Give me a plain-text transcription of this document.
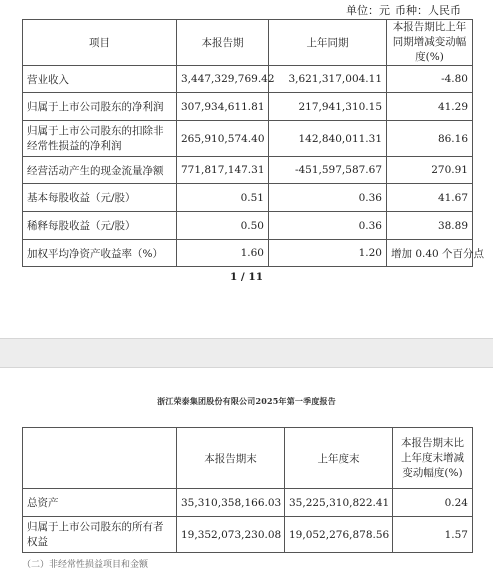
单位：元 币种：人民币
项目	本报告期	上年同期	本报告期比上年同期增减变动幅度(%)
营业收入	3,447,329,769.42	3,621,317,004.11	-4.80
归属于上市公司股东的净利润	307,934,611.81	217,941,310.15	41.29
归属于上市公司股东的扣除非经常性损益的净利润	265,910,574.40	142,840,011.31	86.16
经营活动产生的现金流量净额	771,817,147.31	-451,597,587.67	270.91
基本每股收益（元/股）	0.51	0.36	41.67
稀释每股收益（元/股）	0.50	0.36	38.89
加权平均净资产收益率（%）	1.60	1.20	增加 0.40 个百分点
1 / 11
浙江荣泰集团股份有限公司2025年第一季度报告
	本报告期末	上年度末	本报告期末比上年度末增减变动幅度(%)
总资产	35,310,358,166.03	35,225,310,822.41	0.24
归属于上市公司股东的所有者权益	19,352,073,230.08	19,052,276,878.56	1.57
（二）非经常性损益项目和金额
